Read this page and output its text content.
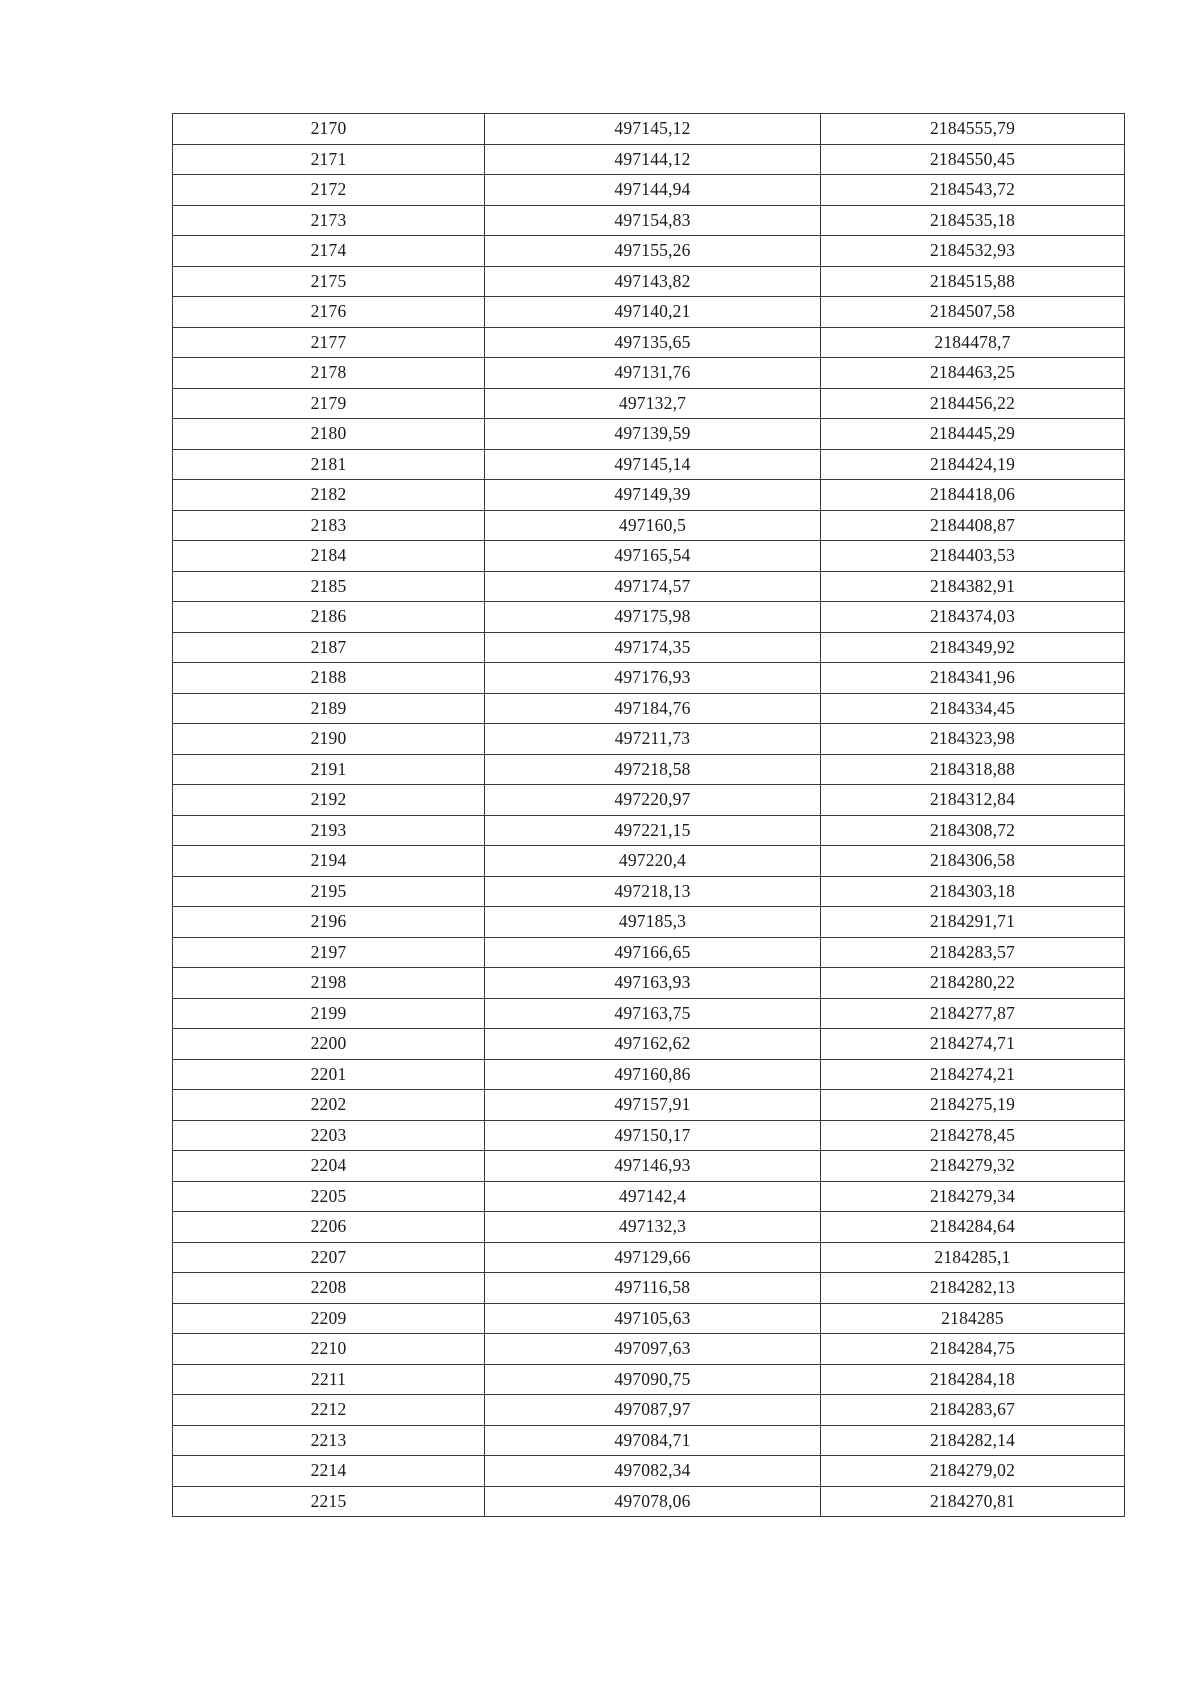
2170	497145,12	2184555,79
2171	497144,12	2184550,45
2172	497144,94	2184543,72
2173	497154,83	2184535,18
2174	497155,26	2184532,93
2175	497143,82	2184515,88
2176	497140,21	2184507,58
2177	497135,65	2184478,7
2178	497131,76	2184463,25
2179	497132,7	2184456,22
2180	497139,59	2184445,29
2181	497145,14	2184424,19
2182	497149,39	2184418,06
2183	497160,5	2184408,87
2184	497165,54	2184403,53
2185	497174,57	2184382,91
2186	497175,98	2184374,03
2187	497174,35	2184349,92
2188	497176,93	2184341,96
2189	497184,76	2184334,45
2190	497211,73	2184323,98
2191	497218,58	2184318,88
2192	497220,97	2184312,84
2193	497221,15	2184308,72
2194	497220,4	2184306,58
2195	497218,13	2184303,18
2196	497185,3	2184291,71
2197	497166,65	2184283,57
2198	497163,93	2184280,22
2199	497163,75	2184277,87
2200	497162,62	2184274,71
2201	497160,86	2184274,21
2202	497157,91	2184275,19
2203	497150,17	2184278,45
2204	497146,93	2184279,32
2205	497142,4	2184279,34
2206	497132,3	2184284,64
2207	497129,66	2184285,1
2208	497116,58	2184282,13
2209	497105,63	2184285
2210	497097,63	2184284,75
2211	497090,75	2184284,18
2212	497087,97	2184283,67
2213	497084,71	2184282,14
2214	497082,34	2184279,02
2215	497078,06	2184270,81
